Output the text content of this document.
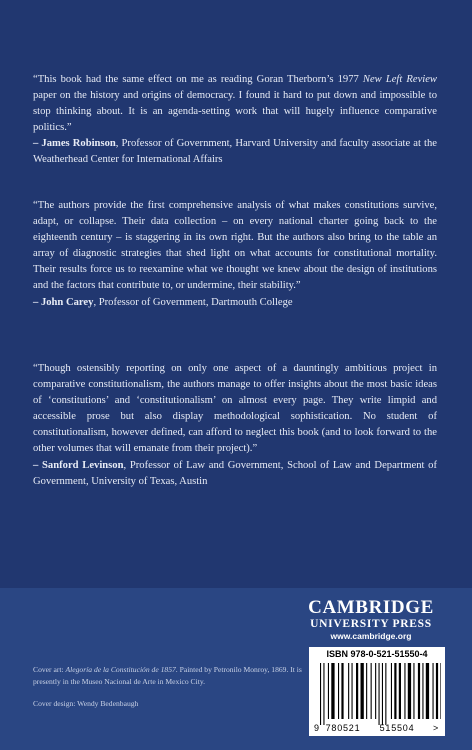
“This book had the same effect on me as reading Goran Therborn’s 1977 New Left Review paper on the history and origins of democracy. I found it hard to put down and impossible to stop thinking about. It is an agenda-setting work that will hugely influence comparative politics.”

– James Robinson, Professor of Government, Harvard University and faculty associate at the Weatherhead Center for International Affairs

“The authors provide the first comprehensive analysis of what makes constitutions survive, adapt, or collapse. Their data collection – on every national charter going back to the eighteenth century – is staggering in its own right. But the authors also bring to the table an array of diagnostic strategies that shed light on what accounts for constitutional mortality. Their results force us to reexamine what we thought we knew about the design of institutions and the factors that contribute to, or undermine, their stability.”

– John Carey, Professor of Government, Dartmouth College

“Though ostensibly reporting on only one aspect of a dauntingly ambitious project in comparative constitutionalism, the authors manage to offer insights about the most basic ideas of ‘constitutions’ and ‘constitutionalism’ on almost every page. They write limpid and accessible prose but also display methodological sophistication. No student of constitutionalism, however defined, can afford to neglect this book (and to look forward to the other volumes that will emanate from their project).”

– Sanford Levinson, Professor of Law and Government, School of Law and Department of Government, University of Texas, Austin

CAMBRIDGE
UNIVERSITY PRESS
www.cambridge.org

Cover art: Alegoría de la Constitución de 1857. Painted by Petronilo Monroy, 1869. It is presently in the Museo Nacional de Arte in Mexico City.

Cover design: Wendy Bedenbaugh

ISBN 978-0-521-51550-4
9 780521 515504 >
